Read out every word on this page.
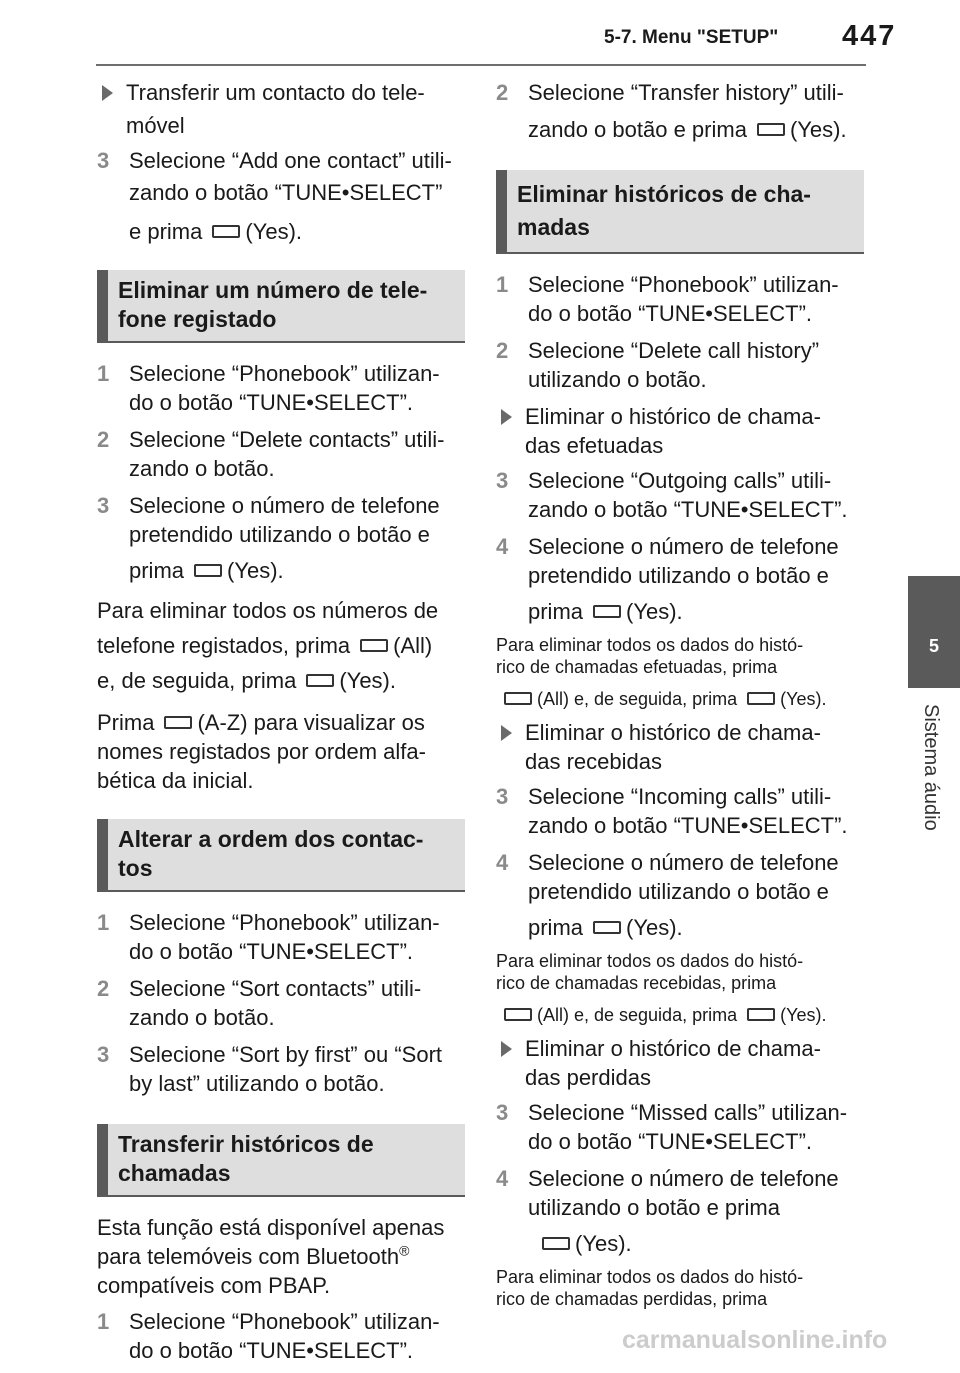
5-7. Menu "SETUP" 447
5
Sistema áudio
Transferir um contacto do tele-
móvel
3 Selecione “Add one contact” utili-
zando o botão “TUNE•SELECT”
e prima (Yes).
Eliminar um número de tele-
fone registado
1 Selecione “Phonebook” utilizan-
do o botão “TUNE•SELECT”.
2 Selecione “Delete contacts” utili-
zando o botão.
3 Selecione o número de telefone
pretendido utilizando o botão e
prima (Yes).
Para eliminar todos os números de
telefone registados, prima (All)
e, de seguida, prima (Yes).
Prima (A-Z) para visualizar os
nomes registados por ordem alfa-
bética da inicial.
Alterar a ordem dos contac-
tos
1 Selecione “Phonebook” utilizan-
do o botão “TUNE•SELECT”.
2 Selecione “Sort contacts” utili-
zando o botão.
3 Selecione “Sort by first” ou “Sort
by last” utilizando o botão.
Transferir históricos de
chamadas
Esta função está disponível apenas
para telemóveis com Bluetooth®
compatíveis com PBAP.
1 Selecione “Phonebook” utilizan-
do o botão “TUNE•SELECT”.
2 Selecione “Transfer history” utili-
zando o botão e prima (Yes).
Eliminar históricos de cha-
madas
1 Selecione “Phonebook” utilizan-
do o botão “TUNE•SELECT”.
2 Selecione “Delete call history”
utilizando o botão.
Eliminar o histórico de chama-
das efetuadas
3 Selecione “Outgoing calls” utili-
zando o botão “TUNE•SELECT”.
4 Selecione o número de telefone
pretendido utilizando o botão e
prima (Yes).
Para eliminar todos os dados do histó-
rico de chamadas efetuadas, prima
(All) e, de seguida, prima (Yes).
Eliminar o histórico de chama-
das recebidas
3 Selecione “Incoming calls” utili-
zando o botão “TUNE•SELECT”.
4 Selecione o número de telefone
pretendido utilizando o botão e
prima (Yes).
Para eliminar todos os dados do histó-
rico de chamadas recebidas, prima
(All) e, de seguida, prima (Yes).
Eliminar o histórico de chama-
das perdidas
3 Selecione “Missed calls” utilizan-
do o botão “TUNE•SELECT”.
4 Selecione o número de telefone
utilizando o botão e prima
(Yes).
Para eliminar todos os dados do histó-
rico de chamadas perdidas, prima
carmanualsonline.info
